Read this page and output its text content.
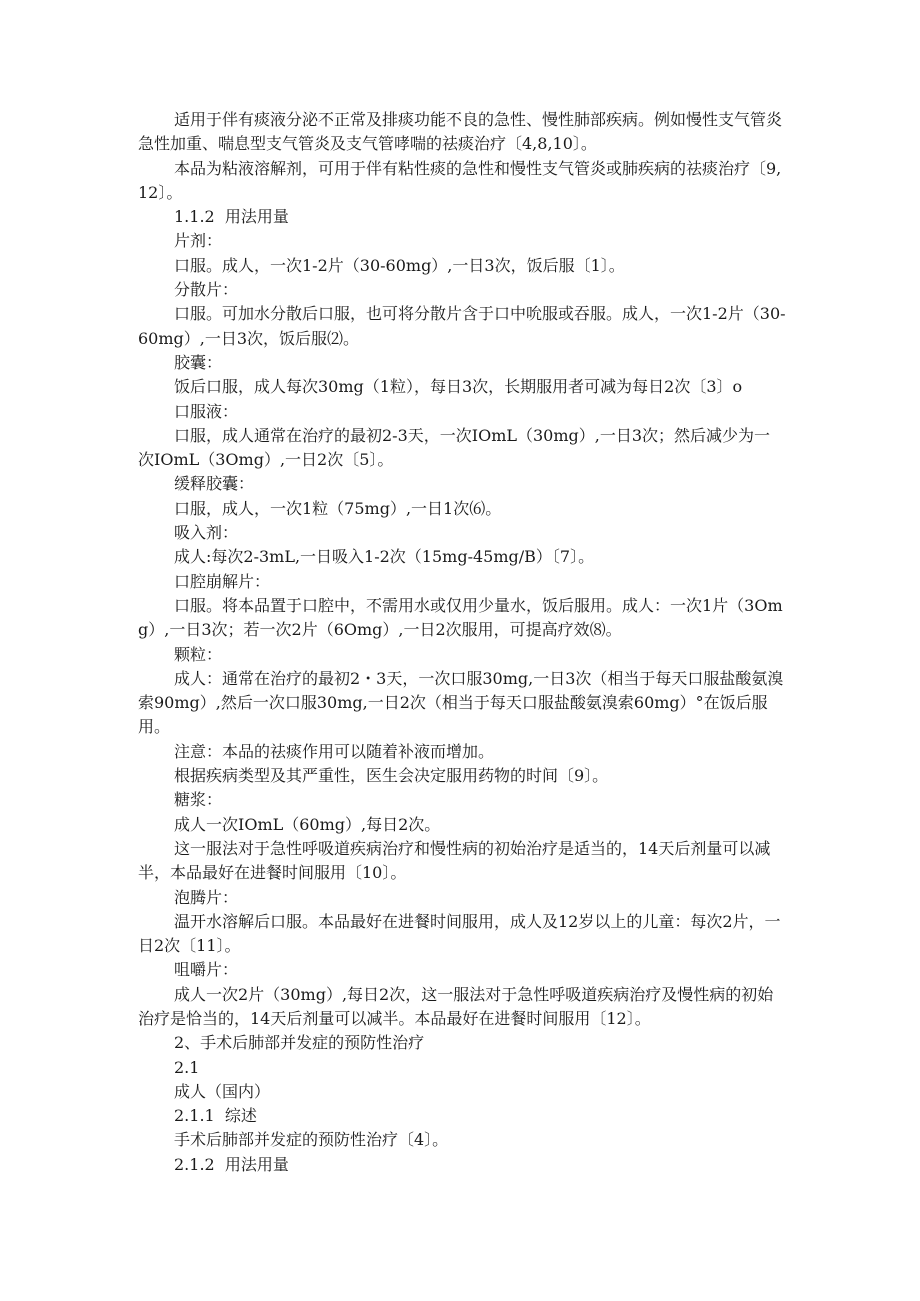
适用于伴有痰液分泌不正常及排痰功能不良的急性、慢性肺部疾病。例如慢性支气管炎急性加重、喘息型支气管炎及支气管哮喘的祛痰治疗〔4,8,10〕。

本品为粘液溶解剂，可用于伴有粘性痰的急性和慢性支气管炎或肺疾病的祛痰治疗〔9,12〕。

1.1.2  用法用量

片剂：

口服。成人，一次1-2片（30-60mg）,一日3次，饭后服〔1〕。

分散片：

口服。可加水分散后口服，也可将分散片含于口中吮服或吞服。成人，一次1-2片（30-60mg）,一日3次，饭后服⑵。

胶囊：

饭后口服，成人每次30mg（1粒），每日3次，长期服用者可减为每日2次〔3〕o

口服液：

口服，成人通常在治疗的最初2-3天，一次IOmL（30mg）,一日3次；然后减少为一次IOmL（3Omg）,一日2次〔5〕。

缓释胶囊：

口服，成人，一次1粒（75mg）,一日1次⑹。

吸入剂：

成人:每次2-3mL,一日吸入1-2次（15mg-45mg/B）〔7〕。

口腔崩解片：

口服。将本品置于口腔中，不需用水或仅用少量水，饭后服用。成人：一次1片（3Omg）,一日3次；若一次2片（6Omg）,一日2次服用，可提高疗效⑻。

颗粒：

成人：通常在治疗的最初2・3天，一次口服30mg,一日3次（相当于每天口服盐酸氨溴索90mg）,然后一次口服30mg,一日2次（相当于每天口服盐酸氨溴索60mg）°在饭后服用。

注意：本品的祛痰作用可以随着补液而增加。

根据疾病类型及其严重性，医生会决定服用药物的时间〔9〕。

糖浆：

成人一次IOmL（60mg）,每日2次。

这一服法对于急性呼吸道疾病治疗和慢性病的初始治疗是适当的，14天后剂量可以减半，本品最好在进餐时间服用〔10〕。

泡腾片：

温开水溶解后口服。本品最好在进餐时间服用，成人及12岁以上的儿童：每次2片，一日2次〔11〕。

咀嚼片：

成人一次2片（30mg）,每日2次，这一服法对于急性呼吸道疾病治疗及慢性病的初始治疗是恰当的，14天后剂量可以减半。本品最好在进餐时间服用〔12〕。

2、手术后肺部并发症的预防性治疗

2.1

成人（国内）

2.1.1  综述

手术后肺部并发症的预防性治疗〔4〕。

2.1.2  用法用量
